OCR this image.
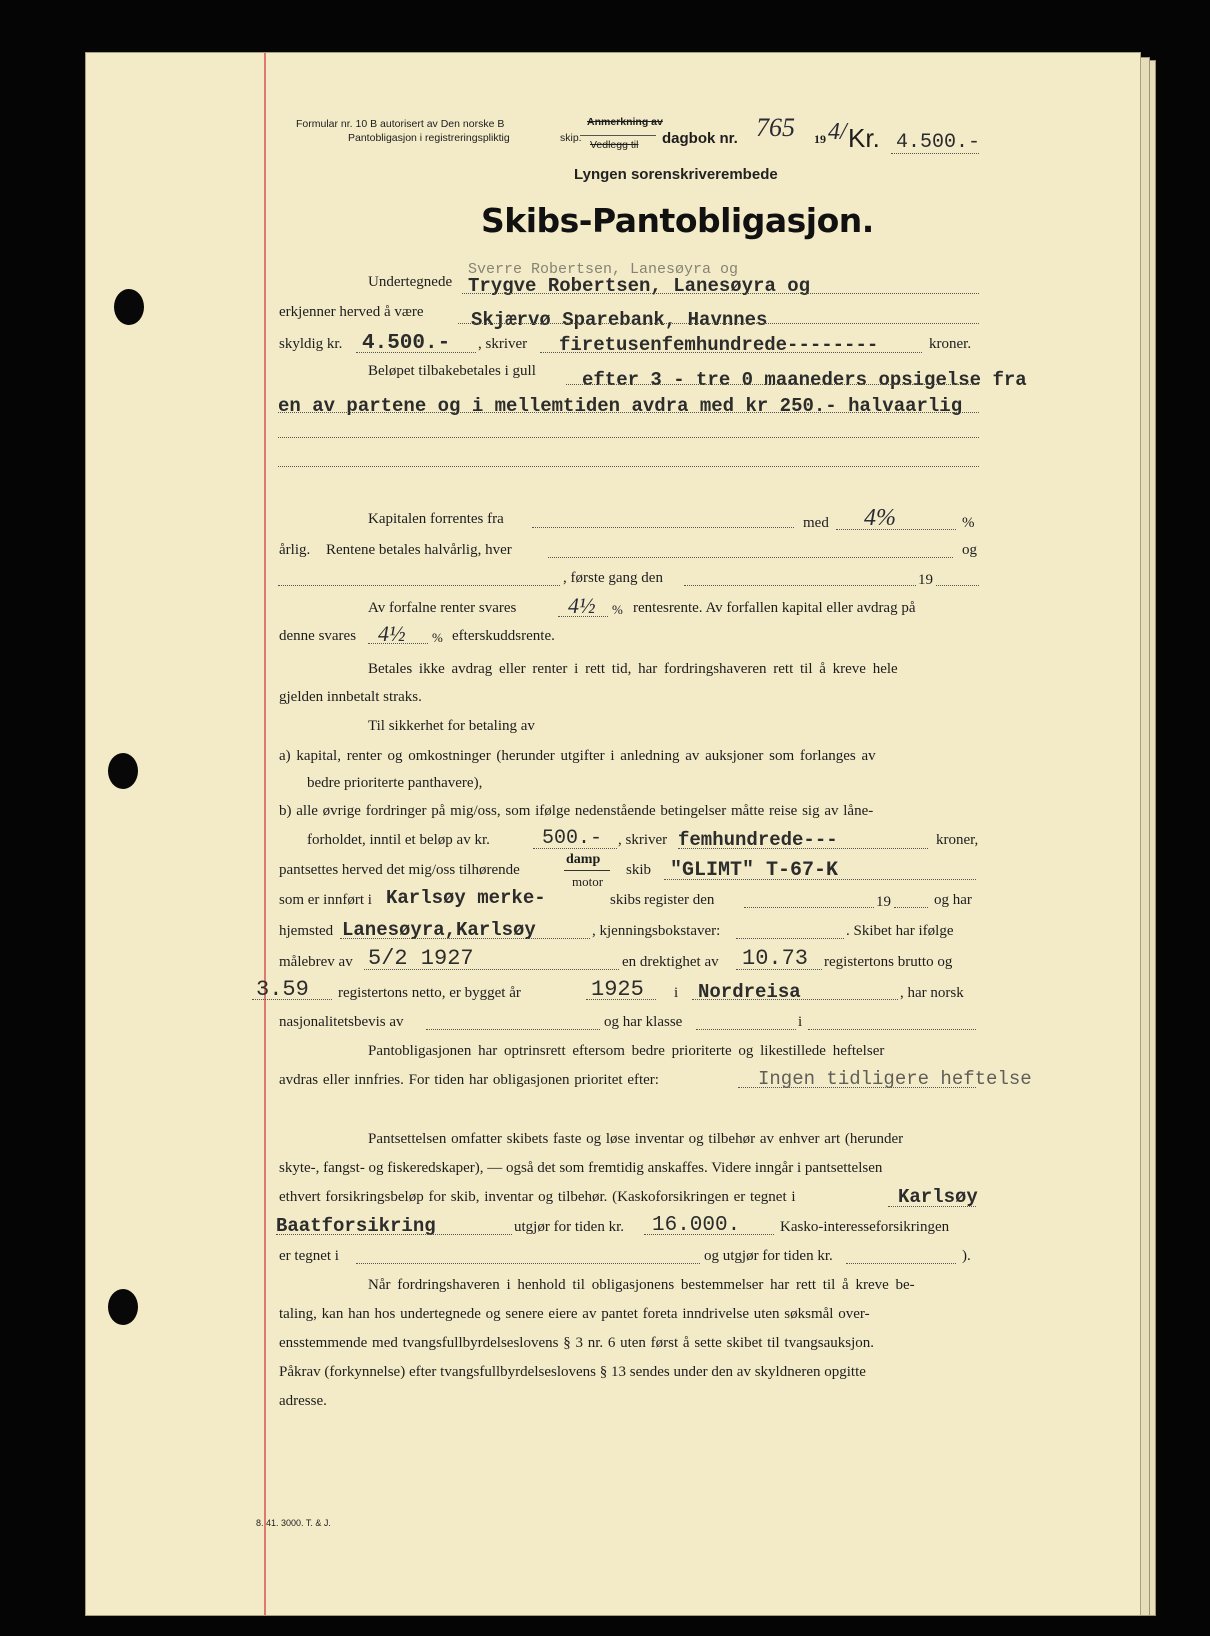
Formular nr. 10 B autorisert av Den norske B
skip.
Pantobligasjon i registreringspliktig
Anmerkning av
Vedlegg til dagbok nr. 765 19 4/ Kr. 4.500.-
Lyngen sorenskriverembede
Skibs-Pantobligasjon.
Undertegnede
Sverre Robertsen, Lanesøyra og
Trygve Robertsen, Lanesøyra og
erkjenner herved å være Skjærvø Sparebank, Havnnes
skyldig kr. 4.500.- , skriver firetusenfemhundrede--------	kroner.
Beløpet tilbakebetales i gull efter 3 - tre 0 maaneders opsigelse fra
en av partene og i mellemtiden avdra med kr 250.- halvaarlig
Kapitalen forrentes fra	med 4%	%
årlig. Rentene betales halvårlig, hver	og
, første gang den	19
Av forfalne renter svares 4½ % rentesrente. Av forfallen kapital eller avdrag på
denne svares 4½ % efterskuddsrente.
Betales ikke avdrag eller renter i rett tid, har fordringshaveren rett til å kreve hele
gjelden innbetalt straks.
Til sikkerhet for betaling av
a) kapital, renter og omkostninger (herunder utgifter i anledning av auksjoner som forlanges av
bedre prioriterte panthavere),
b) alle øvrige fordringer på mig/oss, som ifølge nedenstående betingelser måtte reise sig av låne-
forholdet, inntil et beløp av kr.	500.- , skriver femhundrede---	kroner,
pantsettes herved det mig/oss tilhørende
damp
motor
skib "GLIMT" T-67-K
som er innført i Karlsøy merke-	skibs register den	19	og har
hjemsted Lanesøyra,Karlsøy	, kjenningsbokstaver:	. Skibet har ifølge
målebrev av 5/2 1927	en drektighet av 10.73 registertons brutto og
3.59 registertons netto, er bygget år	1925 i Nordreisa	, har norsk
nasjonalitetsbevis av	og har klasse	i
Pantobligasjonen har optrinsrett eftersom bedre prioriterte og likestillede heftelser
avdras eller innfries. For tiden har obligasjonen prioritet efter:	Ingen tidligere heftelse
Pantsettelsen omfatter skibets faste og løse inventar og tilbehør av enhver art (herunder
skyte-, fangst- og fiskeredskaper), — også det som fremtidig anskaffes. Videre inngår i pantsettelsen
ethvert forsikringsbeløp for skib, inventar og tilbehør. (Kaskoforsikringen er tegnet i	Karlsøy
Baatforsikring	utgjør for tiden kr. 16.000.	Kasko-interesseforsikringen
er tegnet i	og utgjør for tiden kr.	).
Når fordringshaveren i henhold til obligasjonens bestemmelser har rett til å kreve be-
taling, kan han hos undertegnede og senere eiere av pantet foreta inndrivelse uten søksmål over-
ensstemmende med tvangsfullbyrdelseslovens § 3 nr. 6 uten først å sette skibet til tvangsauksjon.
Påkrav (forkynnelse) efter tvangsfullbyrdelseslovens § 13 sendes under den av skyldneren opgitte
adresse.
8. 41. 3000. T. & J.
